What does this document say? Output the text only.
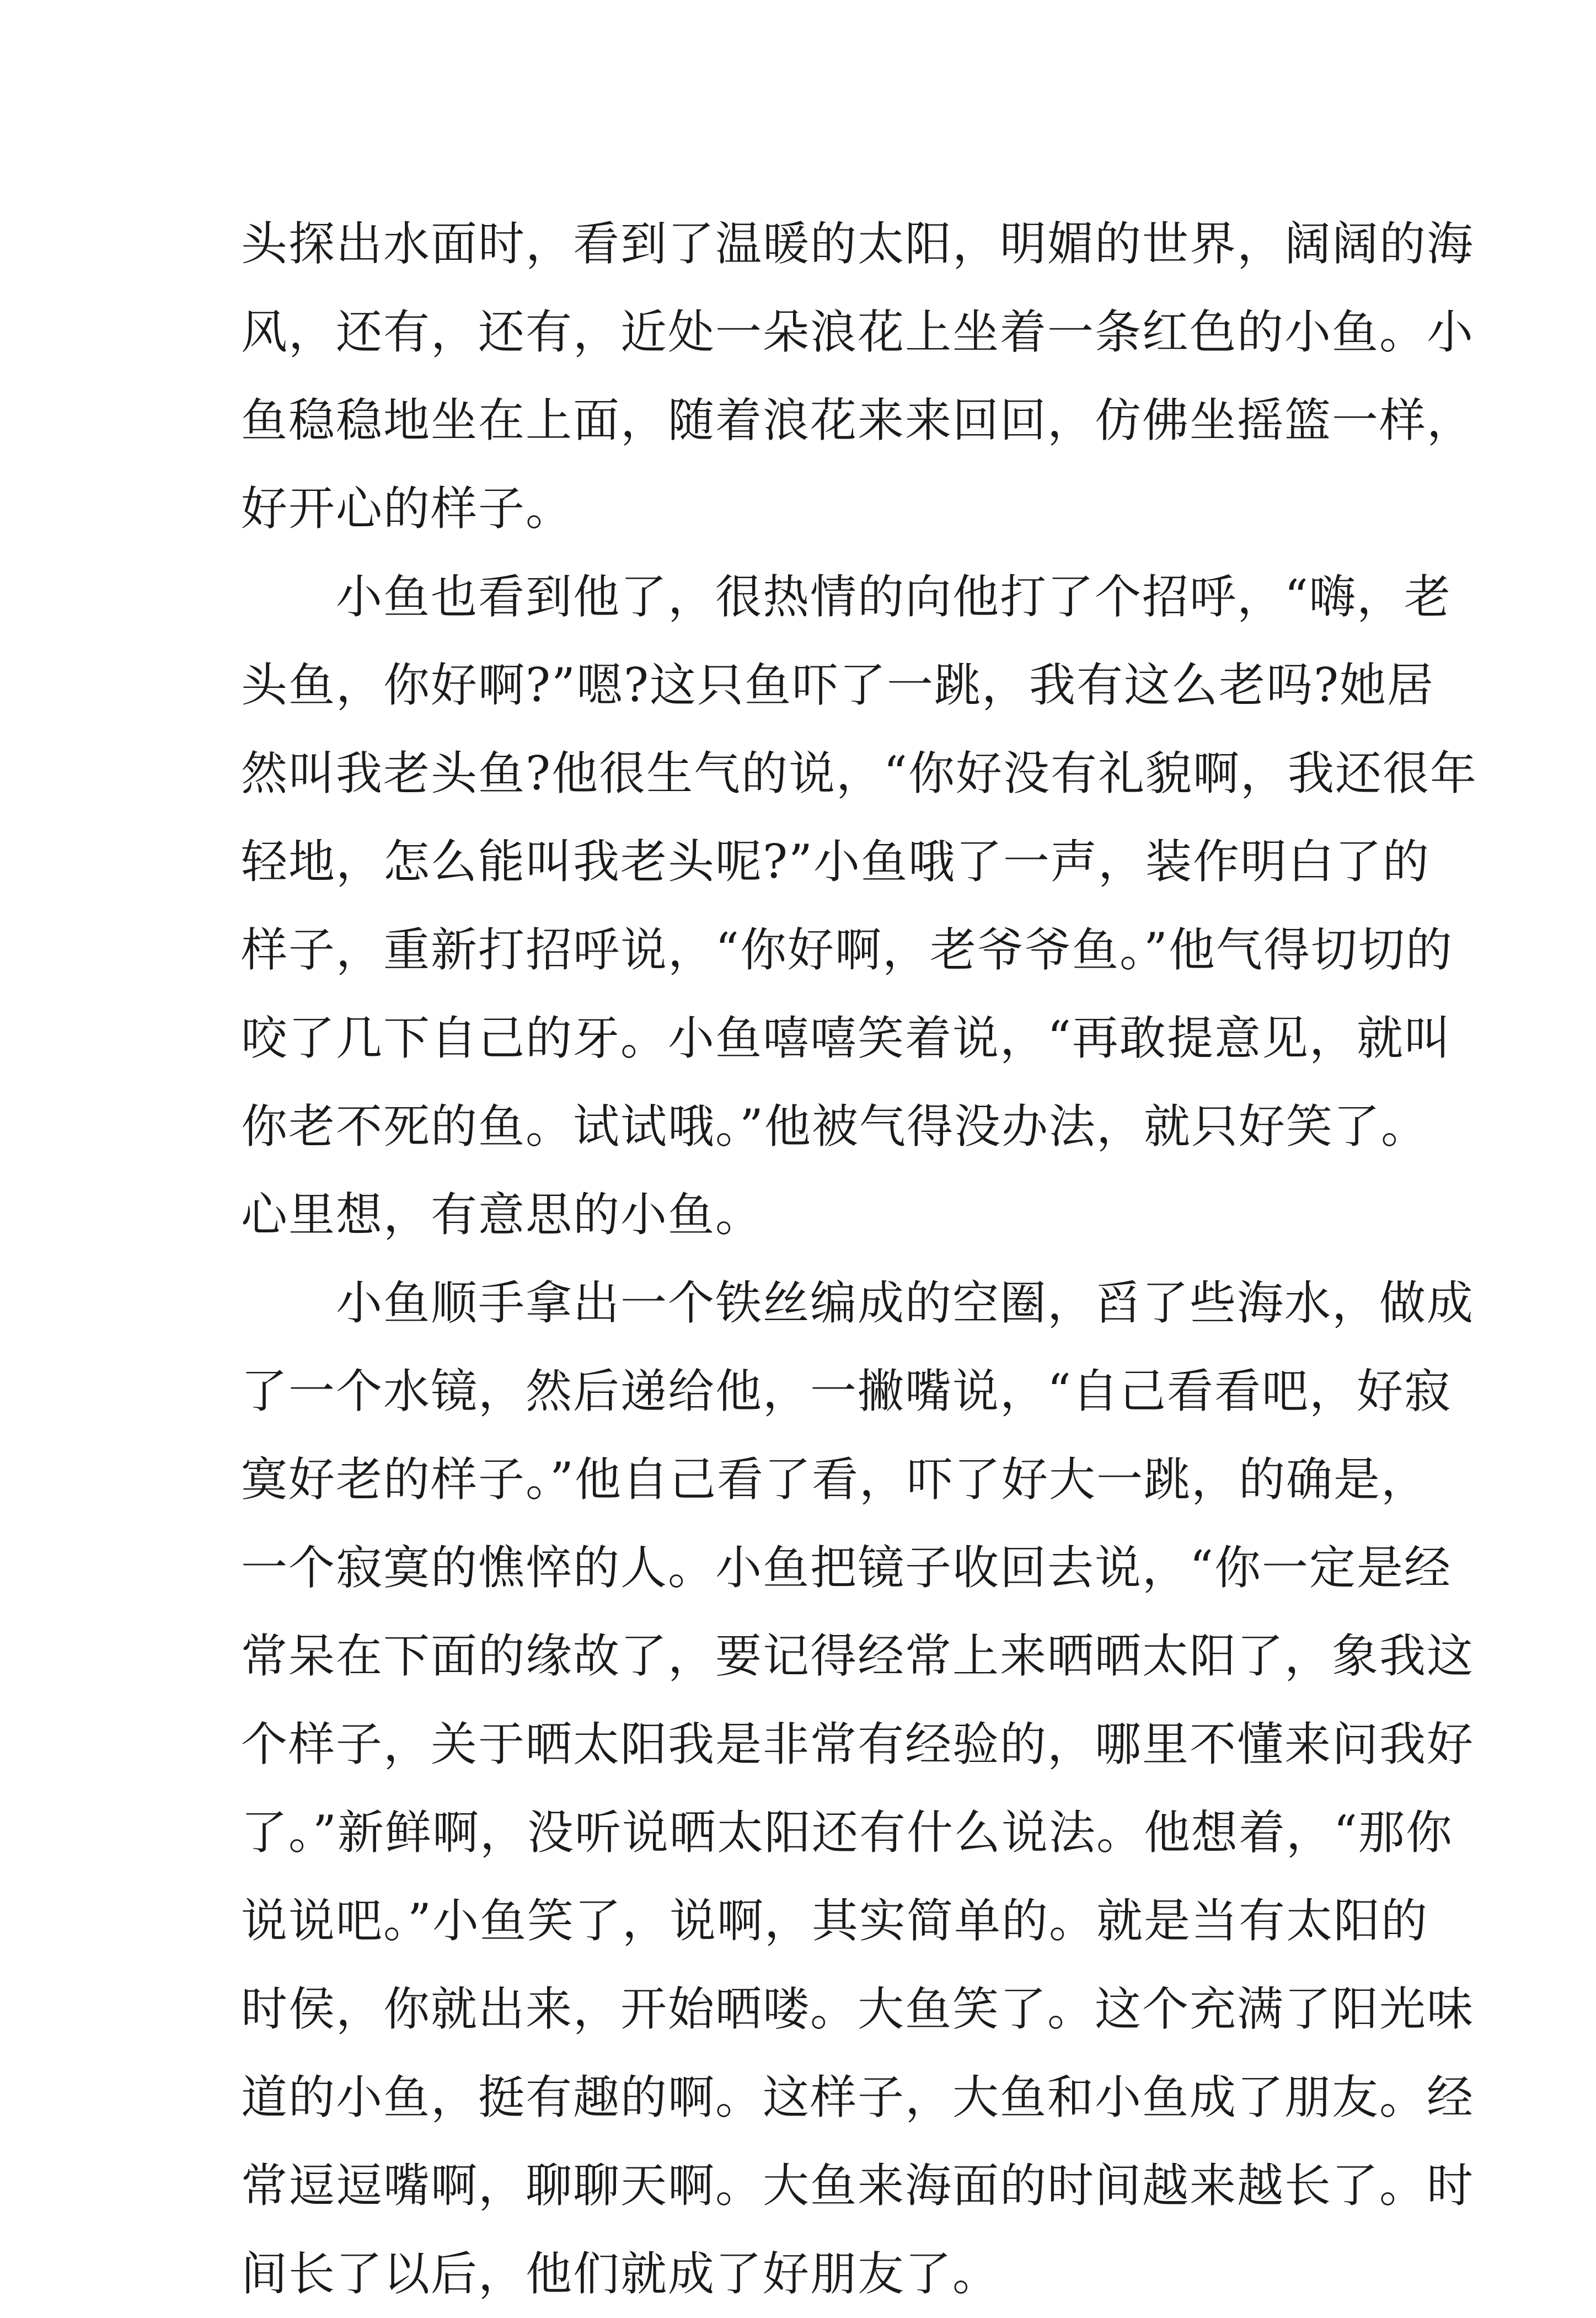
头探出水面时，看到了温暖的太阳，明媚的世界，阔阔的海
风，还有，还有，近处一朵浪花上坐着一条红色的小鱼。小
鱼稳稳地坐在上面，随着浪花来来回回，仿佛坐摇篮一样，
好开心的样子。
　　小鱼也看到他了，很热情的向他打了个招呼，“嗨，老
头鱼，你好啊?”嗯?这只鱼吓了一跳，我有这么老吗?她居
然叫我老头鱼?他很生气的说，“你好没有礼貌啊，我还很年
轻地，怎么能叫我老头呢?”小鱼哦了一声，装作明白了的
样子，重新打招呼说，“你好啊，老爷爷鱼。”他气得切切的
咬了几下自己的牙。小鱼嘻嘻笑着说，“再敢提意见，就叫
你老不死的鱼。试试哦。”他被气得没办法，就只好笑了。
心里想，有意思的小鱼。
　　小鱼顺手拿出一个铁丝编成的空圈，舀了些海水，做成
了一个水镜，然后递给他，一撇嘴说，“自己看看吧，好寂
寞好老的样子。”他自己看了看，吓了好大一跳，的确是，
一个寂寞的憔悴的人。小鱼把镜子收回去说，“你一定是经
常呆在下面的缘故了，要记得经常上来晒晒太阳了，象我这
个样子，关于晒太阳我是非常有经验的，哪里不懂来问我好
了。”新鲜啊，没听说晒太阳还有什么说法。他想着，“那你
说说吧。”小鱼笑了，说啊，其实简单的。就是当有太阳的
时侯，你就出来，开始晒喽。大鱼笑了。这个充满了阳光味
道的小鱼，挺有趣的啊。这样子，大鱼和小鱼成了朋友。经
常逗逗嘴啊，聊聊天啊。大鱼来海面的时间越来越长了。时
间长了以后，他们就成了好朋友了。
